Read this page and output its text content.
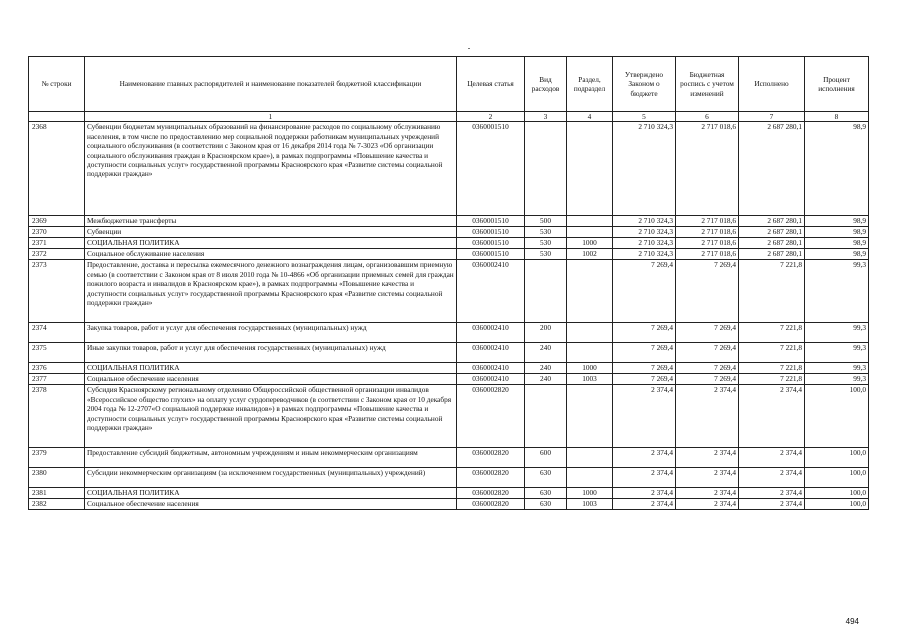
№ строки	Наименование главных распорядителей и наименование показателей бюджетной классификации	Целевая статья	Вид расходов	Раздел, подраздел	Утверждено Законом о бюджете	Бюджетная роспись с учетом изменений	Исполнено	Процент исполнения
	1	2	3	4	5	6	7	8
2368	Субвенции бюджетам муниципальных образований на финансирование расходов по социальному обслуживанию населения, в том числе по предоставлению мер социальной поддержки работникам муниципальных учреждений социального обслуживания (в соответствии с Законом края от 16 декабря 2014 года № 7-3023 «Об организации социального обслуживания граждан в Красноярском крае»), в рамках подпрограммы «Повышение качества и доступности социальных услуг» государственной программы Красноярского края «Развитие системы социальной поддержки граждан»	0360001510			2 710 324,3	2 717 018,6	2 687 280,1	98,9
2369	Межбюджетные трансферты	0360001510	500		2 710 324,3	2 717 018,6	2 687 280,1	98,9
2370	Субвенции	0360001510	530		2 710 324,3	2 717 018,6	2 687 280,1	98,9
2371	СОЦИАЛЬНАЯ ПОЛИТИКА	0360001510	530	1000	2 710 324,3	2 717 018,6	2 687 280,1	98,9
2372	Социальное обслуживание населения	0360001510	530	1002	2 710 324,3	2 717 018,6	2 687 280,1	98,9
2373	Предоставление, доставка и пересылка ежемесячного денежного вознаграждения лицам, организовавшим приемную семью (в соответствии с Законом края от 8 июля 2010 года № 10-4866 «Об организации приемных семей для граждан пожилого возраста и инвалидов в Красноярском крае»), в рамках подпрограммы «Повышение качества и доступности социальных услуг» государственной программы Красноярского края «Развитие системы социальной поддержки граждан»	0360002410			7 269,4	7 269,4	7 221,8	99,3
2374	Закупка товаров, работ и услуг для обеспечения государственных (муниципальных) нужд	0360002410	200		7 269,4	7 269,4	7 221,8	99,3
2375	Иные закупки товаров, работ и услуг для обеспечения государственных (муниципальных) нужд	0360002410	240		7 269,4	7 269,4	7 221,8	99,3
2376	СОЦИАЛЬНАЯ ПОЛИТИКА	0360002410	240	1000	7 269,4	7 269,4	7 221,8	99,3
2377	Социальное обеспечение населения	0360002410	240	1003	7 269,4	7 269,4	7 221,8	99,3
2378	Субсидия Красноярскому региональному отделению Общероссийской общественной организации инвалидов «Всероссийское общество глухих» на оплату услуг сурдопереводчиков (в соответствии с Законом края от 10 декабря 2004 года № 12-2707«О социальной поддержке инвалидов») в рамках подпрограммы «Повышение качества и доступности социальных услуг» государственной программы Красноярского края «Развитие системы социальной поддержки граждан»	0360002820			2 374,4	2 374,4	2 374,4	100,0
2379	Предоставление субсидий бюджетным, автономным учреждениям и иным некоммерческим организациям	0360002820	600		2 374,4	2 374,4	2 374,4	100,0
2380	Субсидии некоммерческим организациям (за исключением государственных (муниципальных) учреждений)	0360002820	630		2 374,4	2 374,4	2 374,4	100,0
2381	СОЦИАЛЬНАЯ ПОЛИТИКА	0360002820	630	1000	2 374,4	2 374,4	2 374,4	100,0
2382	Социальное обеспечение населения	0360002820	630	1003	2 374,4	2 374,4	2 374,4	100,0
494
